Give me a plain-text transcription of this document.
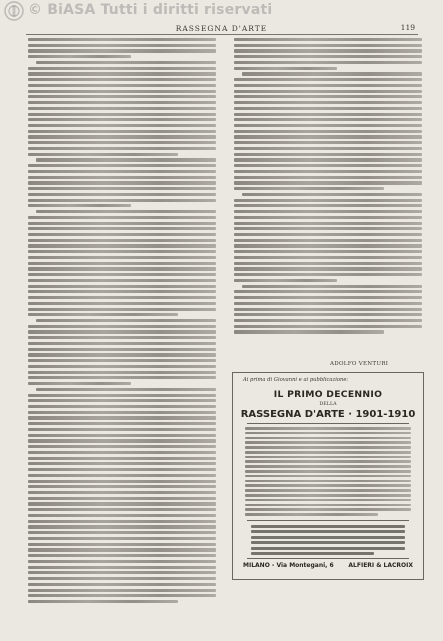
© BiASA Tutti i diritti riservati
RASSEGNA D'ARTE	119
ADOLFO VENTURI
Ai prima di Giovanni e ai pubblicazione:
IL PRIMO DECENNIO
DELLA
RASSEGNA D'ARTE · 1901-1910
MILANO - Via Montegani, 6 ALFIERI & LACROIX
